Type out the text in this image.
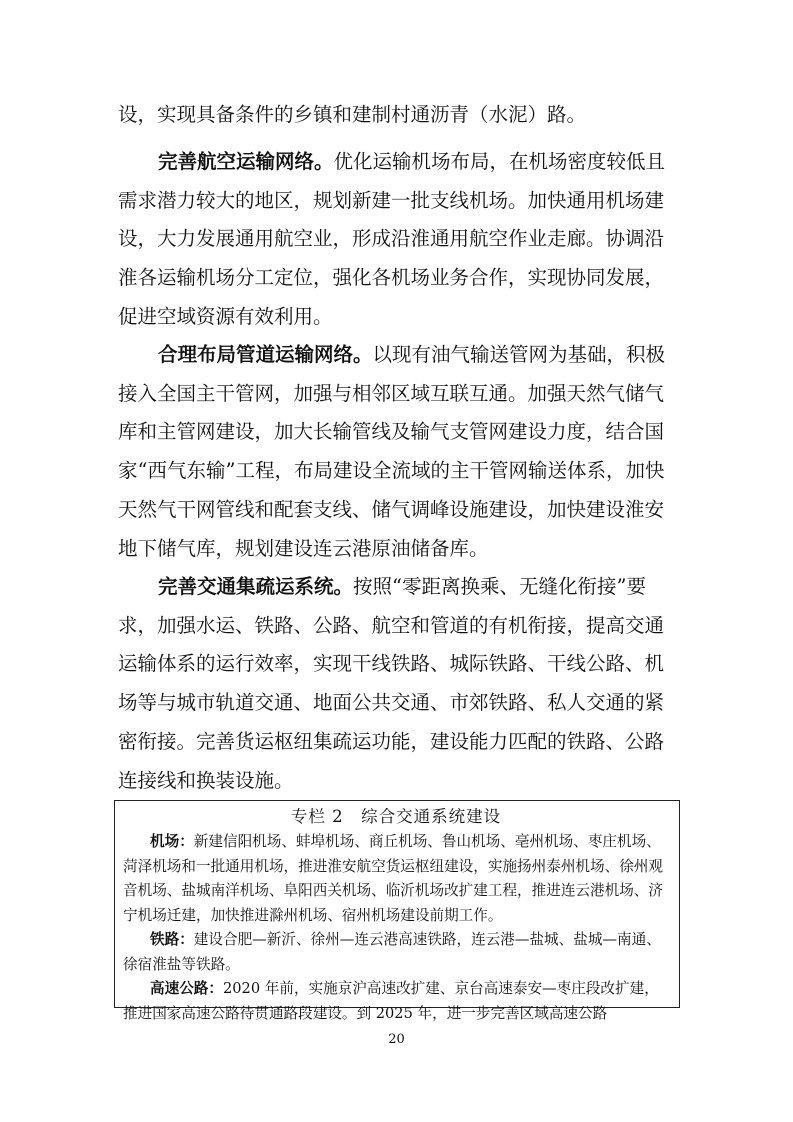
设，实现具备条件的乡镇和建制村通沥青（水泥）路。

完善航空运输网络。优化运输机场布局，在机场密度较低且需求潜力较大的地区，规划新建一批支线机场。加快通用机场建设，大力发展通用航空业，形成沿淮通用航空作业走廊。协调沿淮各运输机场分工定位，强化各机场业务合作，实现协同发展，促进空域资源有效利用。

合理布局管道运输网络。以现有油气输送管网为基础，积极接入全国主干管网，加强与相邻区域互联互通。加强天然气储气库和主管网建设，加大长输管线及输气支管网建设力度，结合国家“西气东输”工程，布局建设全流域的主干管网输送体系，加快天然气干网管线和配套支线、储气调峰设施建设，加快建设淮安地下储气库，规划建设连云港原油储备库。

完善交通集疏运系统。按照“零距离换乘、无缝化衔接”要求，加强水运、铁路、公路、航空和管道的有机衔接，提高交通运输体系的运行效率，实现干线铁路、城际铁路、干线公路、机场等与城市轨道交通、地面公共交通、市郊铁路、私人交通的紧密衔接。完善货运枢纽集疏运功能，建设能力匹配的铁路、公路连接线和换装设施。

专栏 2　综合交通系统建设

机场：新建信阳机场、蚌埠机场、商丘机场、鲁山机场、亳州机场、枣庄机场、菏泽机场和一批通用机场，推进淮安航空货运枢纽建设，实施扬州泰州机场、徐州观音机场、盐城南洋机场、阜阳西关机场、临沂机场改扩建工程，推进连云港机场、济宁机场迁建，加快推进滁州机场、宿州机场建设前期工作。

铁路：建设合肥—新沂、徐州—连云港高速铁路，连云港—盐城、盐城—南通、徐宿淮盐等铁路。

高速公路：2020 年前，实施京沪高速改扩建、京台高速泰安—枣庄段改扩建，推进国家高速公路待贯通路段建设。到 2025 年，进一步完善区域高速公路

20
